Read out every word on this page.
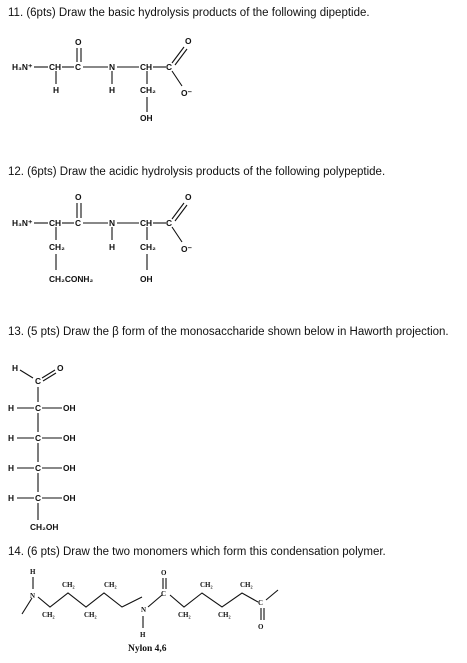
11. (6pts) Draw the basic hydrolysis products of the following dipeptide.
H₃N⁺ CH
H
C
O
N
H
CH
CH₂
OH
C
O
O⁻
12. (6pts) Draw the acidic hydrolysis products of the following polypeptide.
H₃N⁺ CH
CH₂
CH₂CONH₂
C
O
N
H
CH
CH₂
OH
C
O
O⁻
13. (5 pts) Draw the β form of the monosaccharide shown below in Haworth projection.
H
C
O
H C	OH
H C	OH
H C	OH
H C	OH
CH₂OH
14. (6 pts) Draw the two monomers which form this condensation polymer.
H
N
CH₂
CH₂
CH₂
CH₂
N
H
C
O
CH₂
CH₂
CH₂
CH₂
C
O
Nylon 4,6
